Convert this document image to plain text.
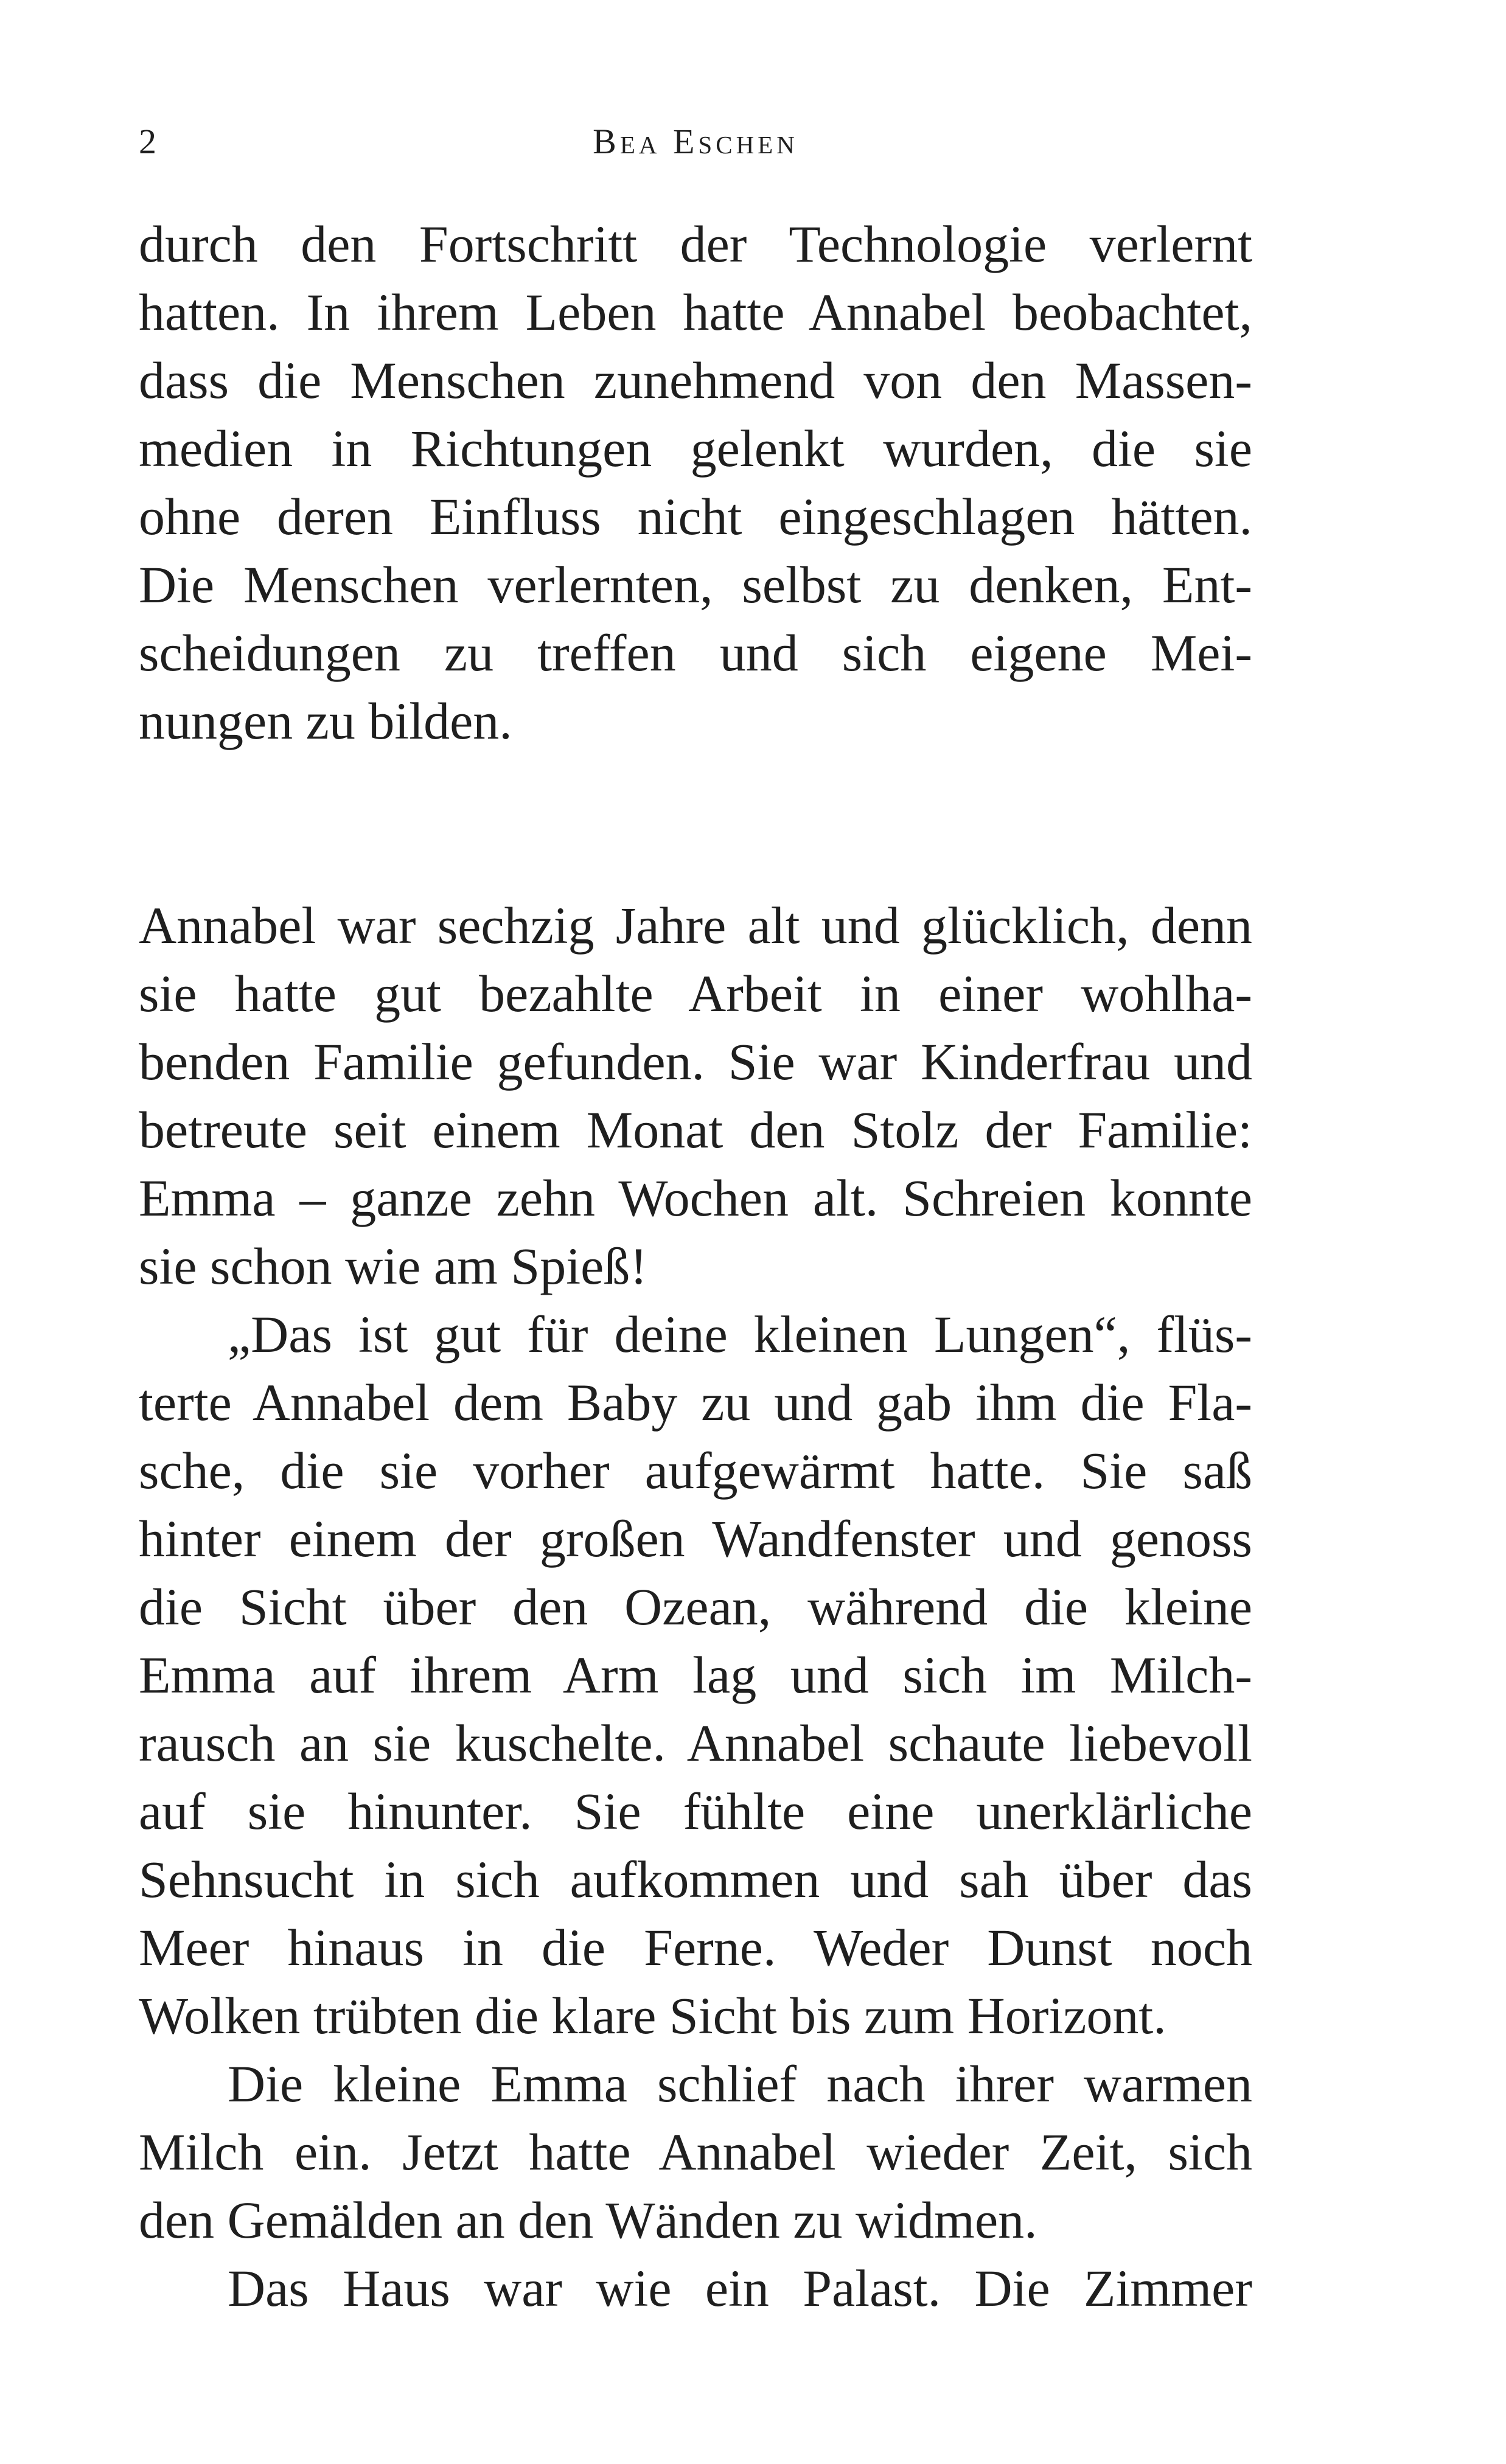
2	Bea Eschen
durch den Fortschritt der Technologie verlernt
hatten. In ihrem Leben hatte Annabel beobachtet,
dass die Menschen zunehmend von den Massen-
medien in Richtungen gelenkt wurden, die sie
ohne deren Einfluss nicht eingeschlagen hätten.
Die Menschen verlernten, selbst zu denken, Ent-
scheidungen zu treffen und sich eigene Mei-
nungen zu bilden.
Annabel war sechzig Jahre alt und glücklich, denn
sie hatte gut bezahlte Arbeit in einer wohlha-
benden Familie gefunden. Sie war Kinderfrau und
betreute seit einem Monat den Stolz der Familie:
Emma – ganze zehn Wochen alt. Schreien konnte
sie schon wie am Spieß!
„Das ist gut für deine kleinen Lungen“, flüs-
terte Annabel dem Baby zu und gab ihm die Fla-
sche, die sie vorher aufgewärmt hatte. Sie saß
hinter einem der großen Wandfenster und genoss
die Sicht über den Ozean, während die kleine
Emma auf ihrem Arm lag und sich im Milch-
rausch an sie kuschelte. Annabel schaute liebevoll
auf sie hinunter. Sie fühlte eine unerklärliche
Sehnsucht in sich aufkommen und sah über das
Meer hinaus in die Ferne. Weder Dunst noch
Wolken trübten die klare Sicht bis zum Horizont.
Die kleine Emma schlief nach ihrer warmen
Milch ein. Jetzt hatte Annabel wieder Zeit, sich
den Gemälden an den Wänden zu widmen.
Das Haus war wie ein Palast. Die Zimmer
